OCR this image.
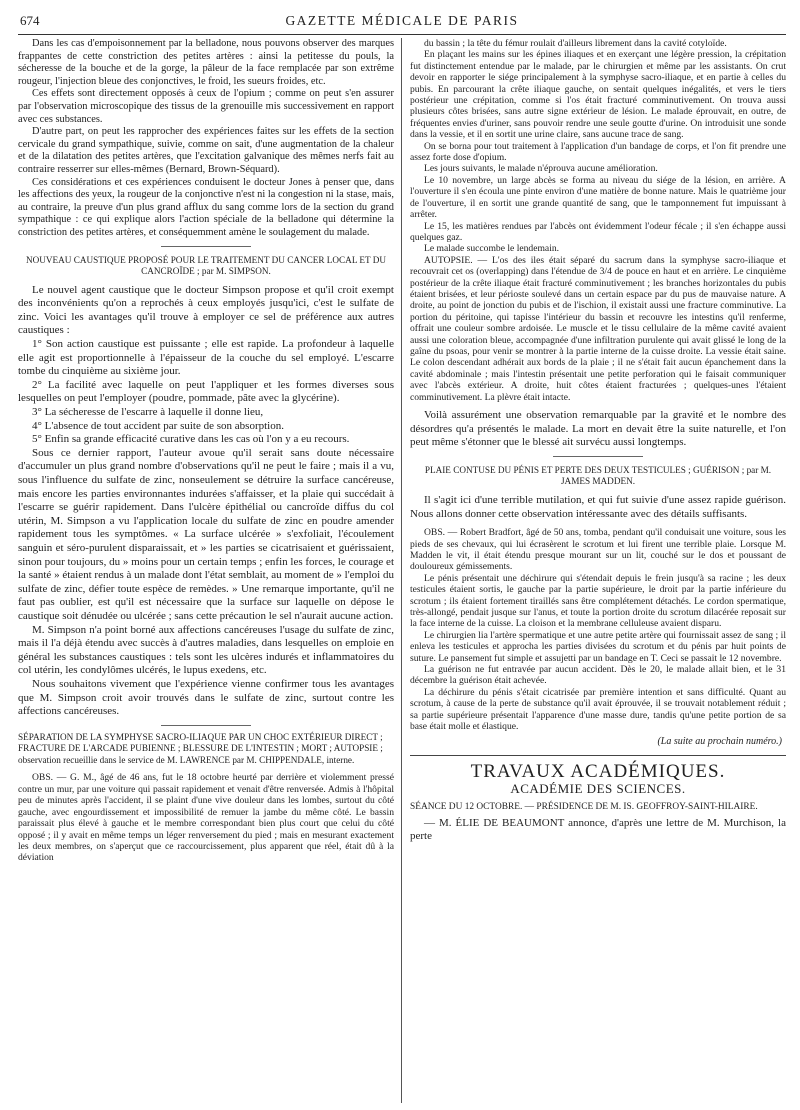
674	GAZETTE MÉDICALE DE PARIS

Dans les cas d'empoisonnement par la belladone, nous pouvons observer des marques frappantes de cette constriction des petites artères : ainsi la petitesse du pouls, la sécheresse de la bouche et de la gorge, la pâleur de la face remplacée par son extrême rougeur, l'injection bleue des conjonctives, le froid, les sueurs froides, etc.

Ces effets sont directement opposés à ceux de l'opium ; comme on peut s'en assurer par l'observation microscopique des tissus de la grenouille mis successivement en rapport avec ces substances.

D'autre part, on peut les rapprocher des expériences faites sur les effets de la section cervicale du grand sympathique, suivie, comme on sait, d'une augmentation de la chaleur et de la dilatation des petites artères, que l'excitation galvanique des mêmes nerfs fait au contraire resserrer sur elles-mêmes (Bernard, Brown-Séquard).

Ces considérations et ces expériences conduisent le docteur Jones à penser que, dans les affections des yeux, la rougeur de la conjonctive n'est ni la congestion ni la stase, mais, au contraire, la preuve d'un plus grand afflux du sang comme lors de la section du grand sympathique : ce qui explique alors l'action spéciale de la belladone qui détermine la constriction des petites artères, et conséquemment amène le soulagement du malade.

NOUVEAU CAUSTIQUE PROPOSÉ POUR LE TRAITEMENT DU CANCER LOCAL ET DU CANCROÏDE ; par M. SIMPSON.

Le nouvel agent caustique que le docteur Simpson propose et qu'il croit exempt des inconvénients qu'on a reprochés à ceux employés jusqu'ici, c'est le sulfate de zinc. Voici les avantages qu'il trouve à employer ce sel de préférence aux autres caustiques :

1° Son action caustique est puissante ; elle est rapide. La profondeur à laquelle elle agit est proportionnelle à l'épaisseur de la couche du sel employé. L'escarre tombe du cinquième au sixième jour.

2° La facilité avec laquelle on peut l'appliquer et les formes diverses sous lesquelles on peut l'employer (poudre, pommade, pâte avec la glycérine).

3° La sécheresse de l'escarre à laquelle il donne lieu,

4° L'absence de tout accident par suite de son absorption.

5° Enfin sa grande efficacité curative dans les cas où l'on y a eu recours.

Sous ce dernier rapport, l'auteur avoue qu'il serait sans doute nécessaire d'accumuler un plus grand nombre d'observations qu'il ne peut le faire ; mais il a vu, sous l'influence du sulfate de zinc, nonseulement se détruire la surface cancéreuse, mais encore les parties environnantes indurées s'affaisser, et la plaie qui succédait à l'escarre se guérir rapidement. Dans l'ulcère épithélial ou cancroïde diffus du col utérin, M. Simpson a vu l'application locale du sulfate de zinc en poudre amender rapidement tous les symptômes. « La surface ulcérée » s'exfoliait, l'écoulement sanguin et séro-purulent disparaissait, et » les parties se cicatrisaient et guérissaient, sinon pour toujours, du » moins pour un certain temps ; enfin les forces, le courage et la santé » étaient rendus à un malade dont l'état semblait, au moment de » l'emploi du sulfate de zinc, défier toute espèce de remèdes. » Une remarque importante, qu'il ne faut pas oublier, est qu'il est nécessaire que la surface sur laquelle on dépose le caustique soit dénudée ou ulcérée ; sans cette précaution le sel n'aurait aucune action.

M. Simpson n'a point borné aux affections cancéreuses l'usage du sulfate de zinc, mais il l'a déjà étendu avec succès à d'autres maladies, dans lesquelles on emploie en général les substances caustiques : tels sont les ulcères indurés et inflammatoires du col utérin, les condylômes ulcérés, le lupus exedens, etc.

Nous souhaitons vivement que l'expérience vienne confirmer tous les avantages que M. Simpson croit avoir trouvés dans le sulfate de zinc, surtout contre les affections cancéreuses.

SÉPARATION DE LA SYMPHYSE SACRO-ILIAQUE PAR UN CHOC EXTÉRIEUR DIRECT ; FRACTURE DE L'ARCADE PUBIENNE ; BLESSURE DE L'INTESTIN ; MORT ; AUTOPSIE ; observation recueillie dans le service de M. LAWRENCE par M. CHIPPENDALE, interne.

OBS. — G. M., âgé de 46 ans, fut le 18 octobre heurté par derrière et violemment pressé contre un mur, par une voiture qui passait rapidement et venait d'être renversée. Admis à l'hôpital peu de minutes après l'accident, il se plaint d'une vive douleur dans les lombes, surtout du côté gauche, avec engourdissement et impossibilité de remuer la jambe du même côté. Le bassin paraissait plus élevé à gauche et le membre correspondant bien plus court que celui du côté opposé ; il y avait en même temps un léger renversement du pied ; mais en mesurant exactement les deux membres, on s'aperçut que ce raccourcissement, plus apparent que réel, était dû à la déviation

du bassin ; la tête du fémur roulait d'ailleurs librement dans la cavité cotyloïde.

En plaçant les mains sur les épines iliaques et en exerçant une légère pression, la crépitation fut distinctement entendue par le malade, par le chirurgien et même par les assistants. On crut devoir en rapporter le siége principalement à la symphyse sacro-iliaque, et en partie à celles du pubis. En parcourant la crête iliaque gauche, on sentait quelques inégalités, et vers le tiers postérieur une crépitation, comme si l'os était fracturé comminutivement. On trouva aussi plusieurs côtes brisées, sans autre signe extérieur de lésion. Le malade éprouvait, en outre, de fréquentes envies d'uriner, sans pouvoir rendre une seule goutte d'urine. On introduisit une sonde dans la vessie, et il en sortit une urine claire, sans aucune trace de sang.

On se borna pour tout traitement à l'application d'un bandage de corps, et l'on fit prendre une assez forte dose d'opium.

Les jours suivants, le malade n'éprouva aucune amélioration.

Le 10 novembre, un large abcès se forma au niveau du siége de la lésion, en arrière. A l'ouverture il s'en écoula une pinte environ d'une matière de bonne nature. Mais le quatrième jour de l'ouverture, il en sortit une grande quantité de sang, que le tamponnement fut impuissant à arrêter.

Le 15, les matières rendues par l'abcès ont évidemment l'odeur fécale ; il s'en échappe aussi quelques gaz.

Le malade succombe le lendemain.

AUTOPSIE. — L'os des iles était séparé du sacrum dans la symphyse sacro-iliaque et recouvrait cet os (overlapping) dans l'étendue de 3/4 de pouce en haut et en arrière. Le cinquième postérieur de la crête iliaque était fracturé comminutivement ; les branches horizontales du pubis étaient brisées, et leur périoste soulevé dans un certain espace par du pus de mauvaise nature. A droite, au point de jonction du pubis et de l'ischion, il existait aussi une fracture comminutive. La portion du péritoine, qui tapisse l'intérieur du bassin et recouvre les intestins qu'il renferme, offrait une couleur sombre ardoisée. Le muscle et le tissu cellulaire de la même cavité avaient aussi une coloration bleue, accompagnée d'une infiltration purulente qui avait glissé le long de la gaîne du psoas, pour venir se montrer à la partie interne de la cuisse droite. La vessie était saine. Le colon descendant adhérait aux bords de la plaie ; il ne s'était fait aucun épanchement dans la cavité abdominale ; mais l'intestin présentait une petite perforation qui le faisait communiquer avec l'abcès extérieur. A droite, huit côtes étaient fracturées ; quelques-unes l'étaient comminutivement. La plèvre était intacte.

Voilà assurément une observation remarquable par la gravité et le nombre des désordres qu'a présentés le malade. La mort en devait être la suite naturelle, et l'on peut même s'étonner que le blessé ait survécu aussi longtemps.

PLAIE CONTUSE DU PÉNIS ET PERTE DES DEUX TESTICULES ; GUÉRISON ; par M. JAMES MADDEN.

Il s'agit ici d'une terrible mutilation, et qui fut suivie d'une assez rapide guérison. Nous allons donner cette observation intéressante avec des détails suffisants.

OBS. — Robert Bradfort, âgé de 50 ans, tomba, pendant qu'il conduisait une voiture, sous les pieds de ses chevaux, qui lui écrasèrent le scrotum et lui firent une terrible plaie. Lorsque M. Madden le vit, il était étendu presque mourant sur un lit, couché sur le dos et poussant de douloureux gémissements.

Le pénis présentait une déchirure qui s'étendait depuis le frein jusqu'à sa racine ; les deux testicules étaient sortis, le gauche par la partie supérieure, le droit par la partie inférieure du scrotum ; ils étaient fortement tiraillés sans être complétement détachés. Le cordon spermatique, très-allongé, pendait jusque sur l'anus, et toute la portion droite du scrotum dilacérée reposait sur la face interne de la cuisse. La cloison et la membrane celluleuse avaient disparu.

Le chirurgien lia l'artère spermatique et une autre petite artère qui fournissait assez de sang ; il enleva les testicules et approcha les parties divisées du scrotum et du pénis par huit points de suture. Le pansement fut simple et assujetti par un bandage en T. Ceci se passait le 12 novembre.

La guérison ne fut entravée par aucun accident. Dès le 20, le malade allait bien, et le 31 décembre la guérison était achevée.

La déchirure du pénis s'était cicatrisée par première intention et sans difficulté. Quant au scrotum, à cause de la perte de substance qu'il avait éprouvée, il se trouvait notablement réduit ; sa partie supérieure présentait l'apparence d'une masse dure, tandis qu'une petite portion de sa base était molle et élastique.

(La suite au prochain numéro.)

TRAVAUX ACADÉMIQUES.

ACADÉMIE DES SCIENCES.

SÉANCE DU 12 OCTOBRE. — PRÉSIDENCE DE M. IS. GEOFFROY-SAINT-HILAIRE.

— M. ÉLIE DE BEAUMONT annonce, d'après une lettre de M. Murchison, la perte
